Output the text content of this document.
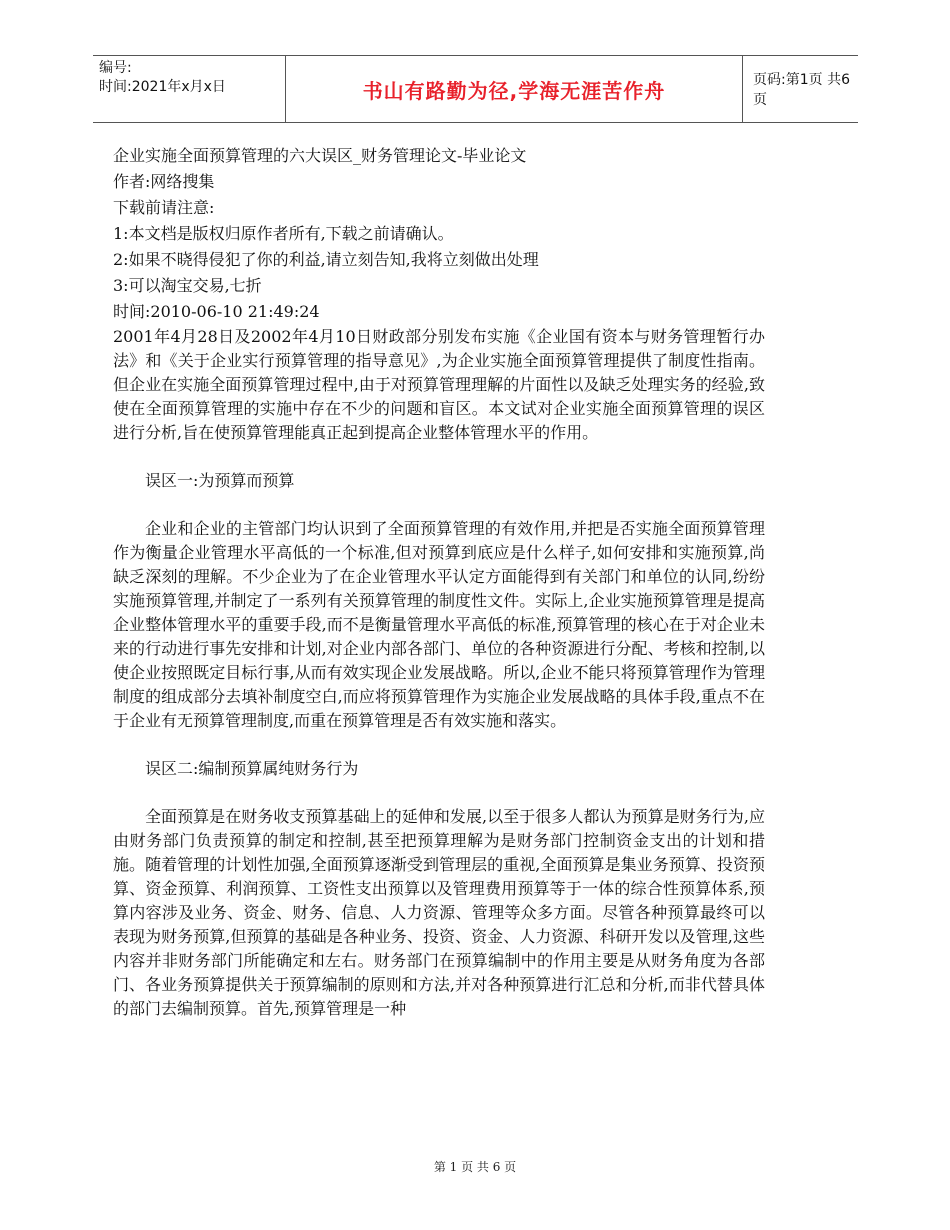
编号:
时间:2021年x月x日	书山有路勤为径,学海无涯苦作舟	页码:第1页 共6页
企业实施全面预算管理的六大误区_财务管理论文-毕业论文
作者:网络搜集
下载前请注意:
1:本文档是版权归原作者所有,下载之前请确认。
2:如果不晓得侵犯了你的利益,请立刻告知,我将立刻做出处理
3:可以淘宝交易,七折
时间:2010-06-10 21:49:24

2001年4月28日及2002年4月10日财政部分别发布实施《企业国有资本与财务管理暂行办法》和《关于企业实行预算管理的指导意见》,为企业实施全面预算管理提供了制度性指南。但企业在实施全面预算管理过程中,由于对预算管理理解的片面性以及缺乏处理实务的经验,致使在全面预算管理的实施中存在不少的问题和盲区。本文试对企业实施全面预算管理的误区进行分析,旨在使预算管理能真正起到提高企业整体管理水平的作用。

误区一:为预算而预算

企业和企业的主管部门均认识到了全面预算管理的有效作用,并把是否实施全面预算管理作为衡量企业管理水平高低的一个标准,但对预算到底应是什么样子,如何安排和实施预算,尚缺乏深刻的理解。不少企业为了在企业管理水平认定方面能得到有关部门和单位的认同,纷纷实施预算管理,并制定了一系列有关预算管理的制度性文件。实际上,企业实施预算管理是提高企业整体管理水平的重要手段,而不是衡量管理水平高低的标准,预算管理的核心在于对企业未来的行动进行事先安排和计划,对企业内部各部门、单位的各种资源进行分配、考核和控制,以使企业按照既定目标行事,从而有效实现企业发展战略。所以,企业不能只将预算管理作为管理制度的组成部分去填补制度空白,而应将预算管理作为实施企业发展战略的具体手段,重点不在于企业有无预算管理制度,而重在预算管理是否有效实施和落实。

误区二:编制预算属纯财务行为

全面预算是在财务收支预算基础上的延伸和发展,以至于很多人都认为预算是财务行为,应由财务部门负责预算的制定和控制,甚至把预算理解为是财务部门控制资金支出的计划和措施。随着管理的计划性加强,全面预算逐渐受到管理层的重视,全面预算是集业务预算、投资预算、资金预算、利润预算、工资性支出预算以及管理费用预算等于一体的综合性预算体系,预算内容涉及业务、资金、财务、信息、人力资源、管理等众多方面。尽管各种预算最终可以表现为财务预算,但预算的基础是各种业务、投资、资金、人力资源、科研开发以及管理,这些内容并非财务部门所能确定和左右。财务部门在预算编制中的作用主要是从财务角度为各部门、各业务预算提供关于预算编制的原则和方法,并对各种预算进行汇总和分析,而非代替具体的部门去编制预算。首先,预算管理是一种

第 1 页 共 6 页
